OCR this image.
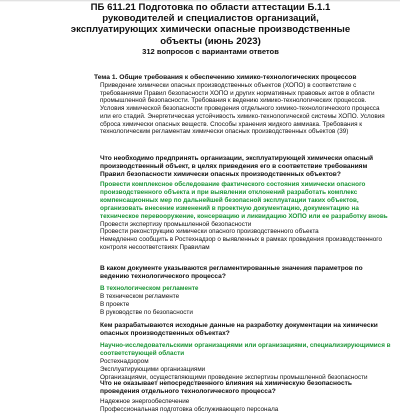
ПБ 611.21 Подготовка по области аттестации Б.1.1 руководителей и специалистов организаций, эксплуатирующих химически опасные производственные объекты (июнь 2023)
312 вопросов с вариантами ответов
Тема 1. Общие требования к обеспечению химико-технологических процессов
Приведение химически опасных производственных объектов (ХОПО) в соответствие с требованиями Правил безопасности ХОПО и других нормативных правовых актов в области промышленной безопасности. Требования к ведению химико-технологических процессов. Условия химической безопасности проведения отдельного химико-технологического процесса или его стадий. Энергетическая устойчивость химико-технологической системы ХОПО. Условия сброса химически опасных веществ. Способы хранения жидкого аммиака. Требования к технологическим регламентам химически опасных производственных объектов (39)
Что необходимо предпринять организации, эксплуатирующей химически опасный производственный объект, в целях приведения его в соответствие требованиям Правил безопасности химически опасных производственных объектов?
Провести комплексное обследование фактического состояния химически опасного производственного объекта и при выявлении отклонений разработать комплекс компенсационных мер по дальнейшей безопасной эксплуатации таких объектов, организовать внесение изменений в проектную документацию, документацию на техническое перевооружение, консервацию и ликвидацию ХОПО или ее разработку вновь
Провести экспертизу промышленной безопасности
Провести реконструкцию химически опасного производственного объекта
Немедленно сообщить в Ростехнадзор о выявленных в рамках проведения производственного контроля несоответствиях Правилам
В каком документе указываются регламентированные значения параметров по ведению технологического процесса?
В технологическом регламенте
В техническом регламенте
В проекте
В руководстве по безопасности
Кем разрабатываются исходные данные на разработку документации на химически опасных производственных объектах?
Научно-исследовательскими организациями или организациями, специализирующимися в соответствующей области
Ростехнадзором
Эксплуатирующими организациями
Организациями, осуществляющими проведение экспертизы промышленной безопасности
Что не оказывает непосредственного влияния на химическую безопасность проведения отдельного технологического процесса?
Надежное энергообеспечение
Профессиональная подготовка обслуживающего персонала
